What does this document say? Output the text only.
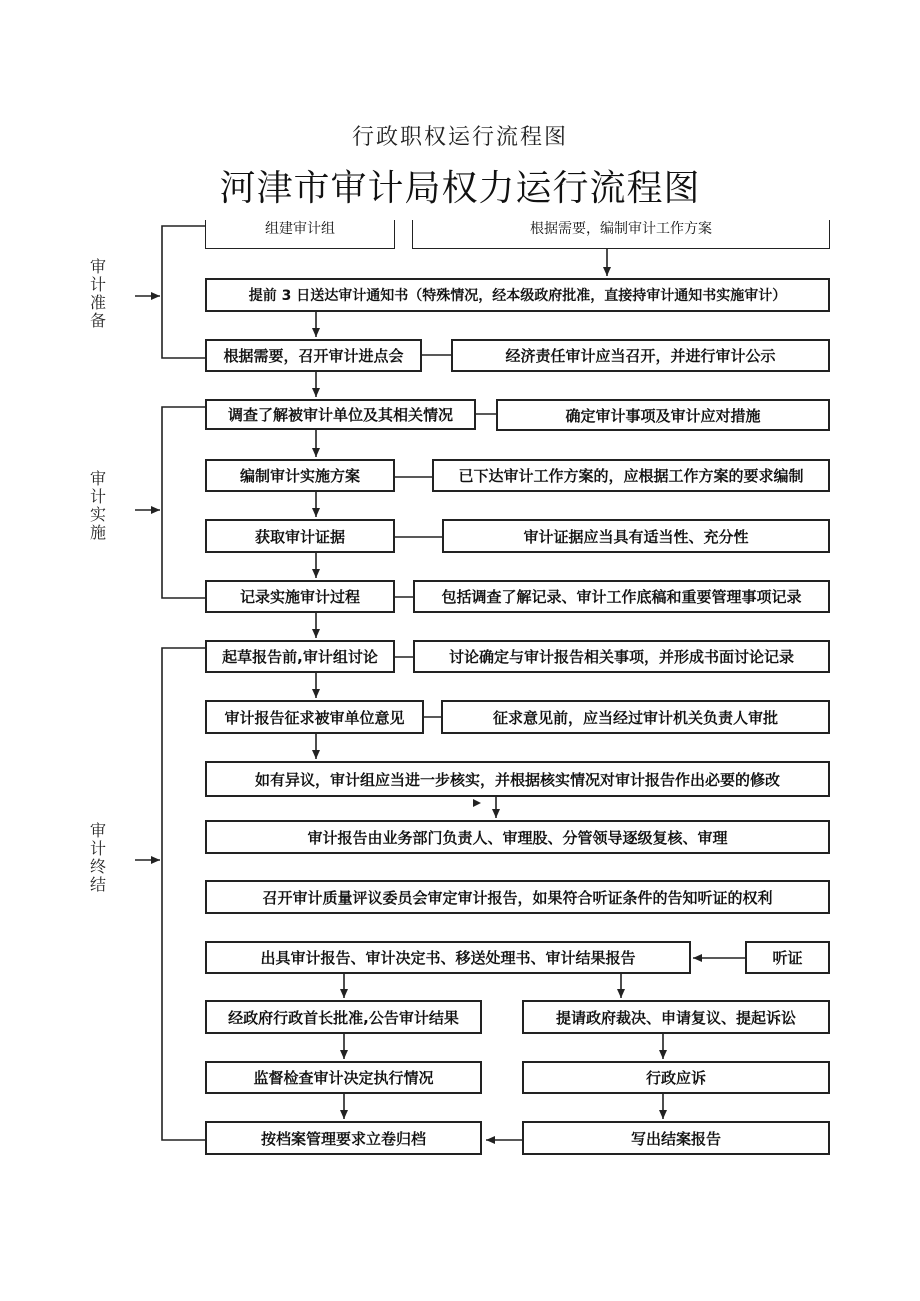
行政职权运行流程图
河津市审计局权力运行流程图
审
计
准
备
审
计
实
施
审
计
终
结
组建审计组	根据需要，编制审计工作方案
提前 3 日送达审计通知书（特殊情况，经本级政府批准，直接持审计通知书实施审计）
根据需要，召开审计进点会	经济责任审计应当召开，并进行审计公示
调查了解被审计单位及其相关情况	确定审计事项及审计应对措施
编制审计实施方案	已下达审计工作方案的，应根据工作方案的要求编制
获取审计证据	审计证据应当具有适当性、充分性
记录实施审计过程	包括调查了解记录、审计工作底稿和重要管理事项记录
起草报告前,审计组讨论	讨论确定与审计报告相关事项，并形成书面讨论记录
审计报告征求被审单位意见	征求意见前，应当经过审计机关负责人审批
如有异议，审计组应当进一步核实，并根据核实情况对审计报告作出必要的修改
审计报告由业务部门负责人、审理股、分管领导逐级复核、审理
召开审计质量评议委员会审定审计报告，如果符合听证条件的告知听证的权利
出具审计报告、审计决定书、移送处理书、审计结果报告	听证
经政府行政首长批准,公告审计结果	提请政府裁决、申请复议、提起诉讼
监督检查审计决定执行情况	行政应诉
按档案管理要求立卷归档	写出结案报告
